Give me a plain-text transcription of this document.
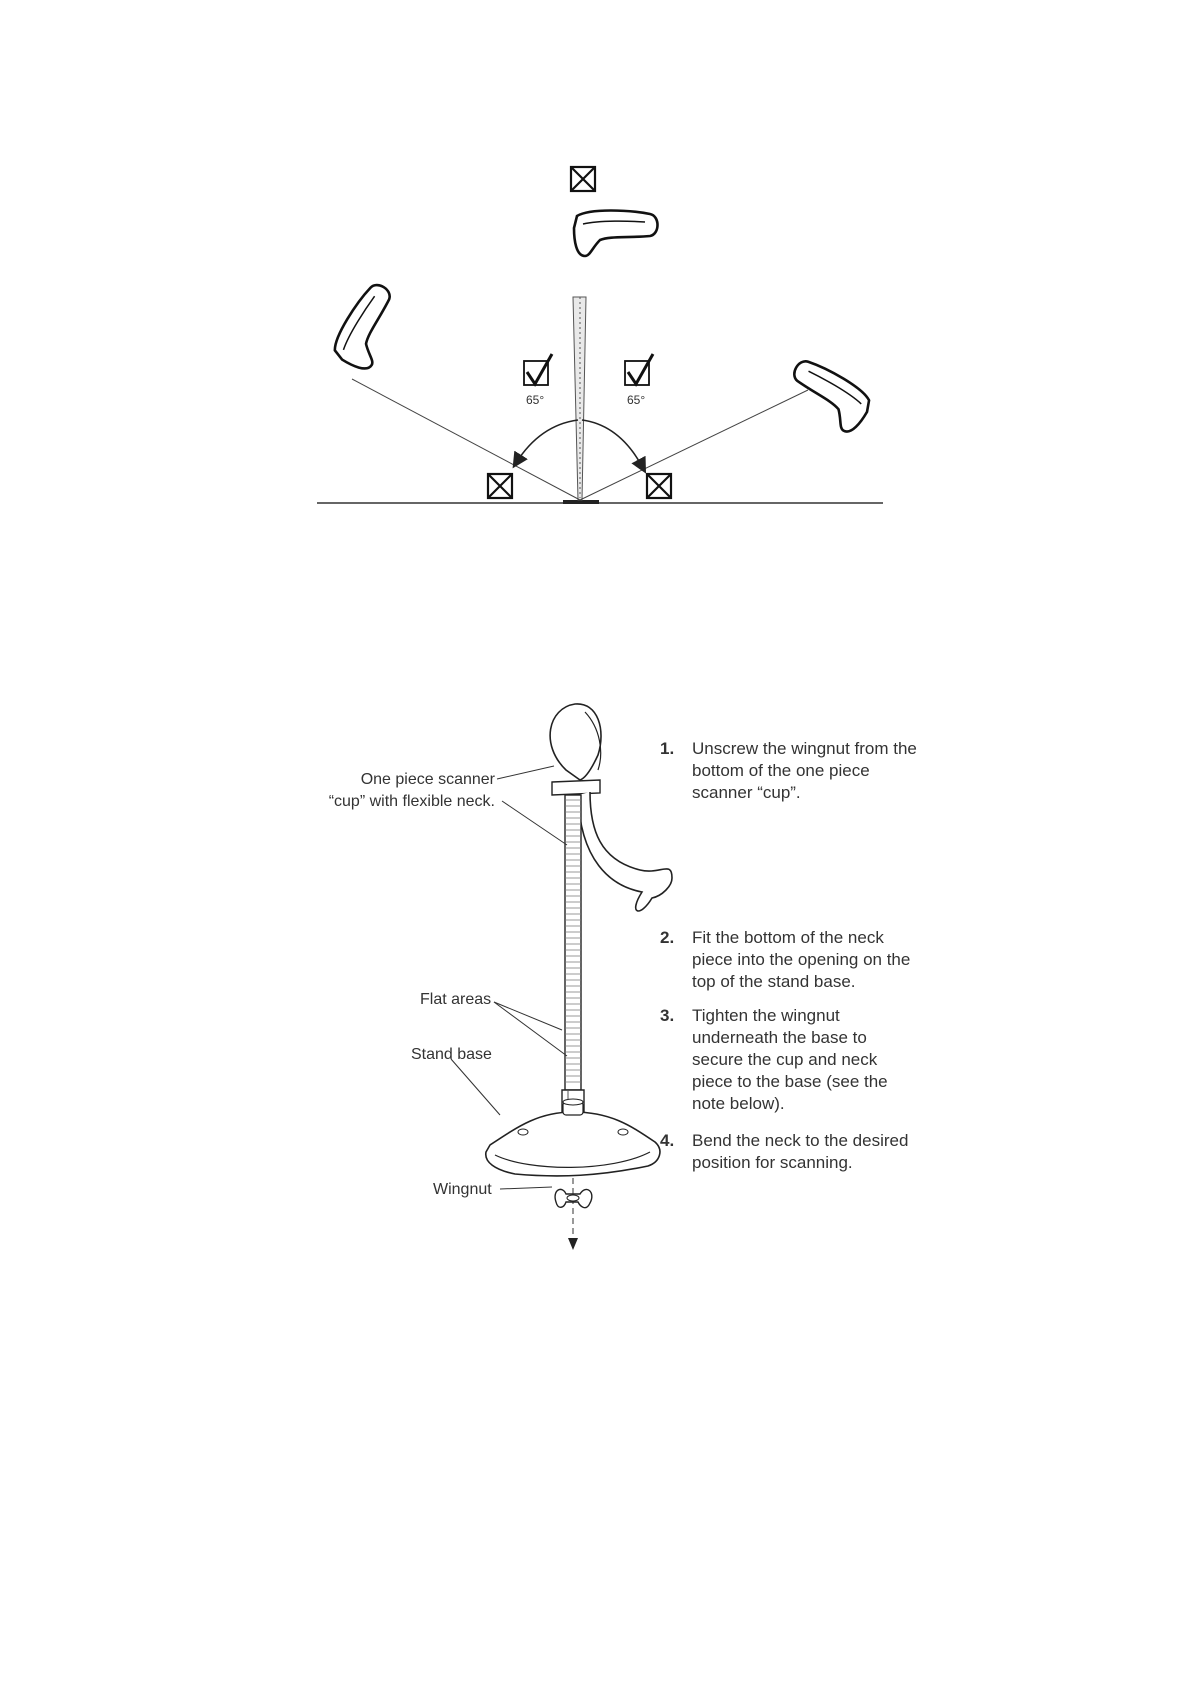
65°	65°
One piece scanner
“cup” with flexible neck.
Flat areas
Stand base
Wingnut
1.	Unscrew the wingnut from the bottom of the one piece scanner “cup”.
2.	Fit the bottom of the neck piece into the opening on the top of the stand base.
3.	Tighten the wingnut underneath the base to secure the cup and neck piece to the base (see the note below).
4.	Bend the neck to the desired position for scanning.
